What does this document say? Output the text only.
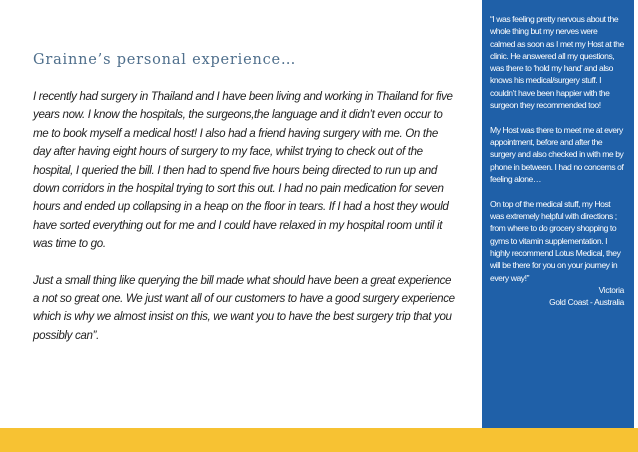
Grainne’s personal experience…

I recently had surgery in Thailand and I have been living and working in Thailand for five years now. I know the hospitals, the surgeons,the language and it didn’t even occur to me to book myself a medical host! I also had a friend having surgery with me. On the day after having eight hours of surgery to my face, whilst trying to check out of the hospital, I queried the bill. I then had to spend five hours being directed to run up and down corridors in the hospital trying to sort this out. I had no pain medication for seven hours and ended up collapsing in a heap on the floor in tears. If I had a host they would have sorted everything out for me and I could have relaxed in my hospital room until it was time to go.

Just a small thing like querying the bill made what should have been a great experience a not so great one. We just want all of our customers to have a good surgery experience which is why we almost insist on this, we want you to have the best surgery trip that you possibly can”.

“I was feeling pretty nervous about the whole thing but my nerves were calmed as soon as I met my Host at the clinic. He answered all my questions, was there to ‘hold my hand’ and also knows his medical/surgery stuff. I couldn’t have been happier with the surgeon they recommended too!

My Host was there to meet me at every appointment, before and after the surgery and also checked in with me by phone in between. I had no concerns of feeling alone…

On top of the medical stuff, my Host was extremely helpful with directions ; from where to do grocery shopping to gyms to vitamin supplementation. I highly recommend Lotus Medical, they will be there for you on your journey in every way!”

Victoria
Gold Coast - Australia
